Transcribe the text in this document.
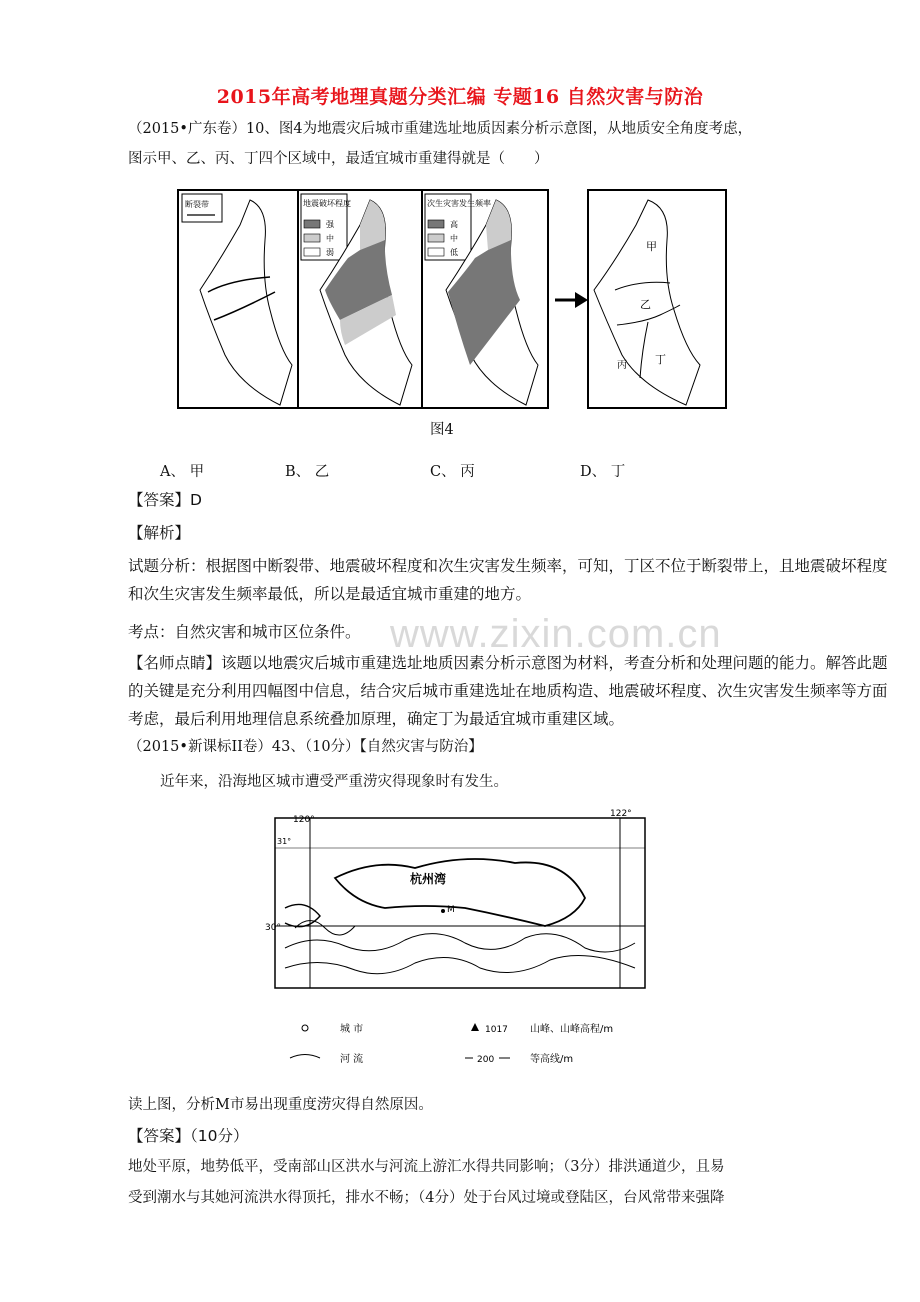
2015年高考地理真题分类汇编 专题16 自然灾害与防治
（2015•广东卷）10、图4为地震灾后城市重建选址地质因素分析示意图，从地质安全角度考虑，
图示甲、乙、丙、丁四个区域中，最适宜城市重建得就是（　　）
断裂带	地震破坏程度
强
中
弱
次生灾害发生频率
高
中
低	甲
乙
丙	丁
图4
A、 甲	B、 乙	C、 丙	D、 丁
【答案】D
【解析】
试题分析：根据图中断裂带、地震破坏程度和次生灾害发生频率，可知，丁区不位于断裂带上，且地震破坏程度和次生灾害发生频率最低，所以是最适宜城市重建的地方。
考点：自然灾害和城市区位条件。 www.zixin.com.cn
【名师点睛】该题以地震灾后城市重建选址地质因素分析示意图为材料，考查分析和处理问题的能力。解答此题的关键是充分利用四幅图中信息，结合灾后城市重建选址在地质构造、地震破坏程度、次生灾害发生频率等方面考虑，最后利用地理信息系统叠加原理，确定丁为最适宜城市重建区域。
（2015•新课标II卷）43、（10分）【自然灾害与防治】
近年来，沿海地区城市遭受严重涝灾得现象时有发生。
120°
122°
30°
31°
杭州湾
M
城 市	1017 山峰、山峰高程/m
河 流	200	等高线/m
读上图，分析M市易出现重度涝灾得自然原因。
【答案】（10分）
地处平原，地势低平，受南部山区洪水与河流上游汇水得共同影响；（3分）排洪通道少，且易
受到潮水与其她河流洪水得顶托，排水不畅；（4分）处于台风过境或登陆区，台风常带来强降
